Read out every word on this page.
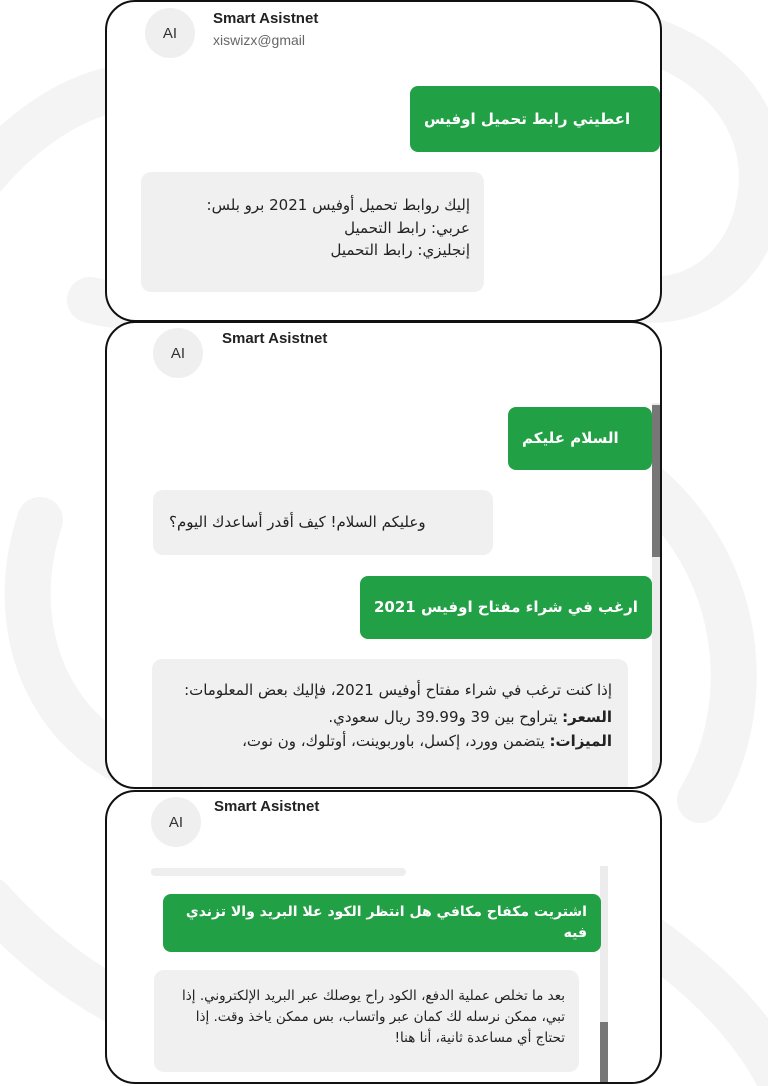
AI
Smart Asistnet
xiswizx@gmail
اعطيني رابط تحميل اوفيس

إليك روابط تحميل أوفيس 2021 برو بلس:

عربي: رابط التحميل

إنجليزي: رابط التحميل

AI
Smart Asistnet
السلام عليكم
وعليكم السلام! كيف أقدر أساعدك اليوم؟
ارغب في شراء مفتاح اوفيس 2021

إذا كنت ترغب في شراء مفتاح أوفيس 2021، فإليك بعض المعلومات:

السعر: يتراوح بين 39 و39.99 ريال سعودي.

الميزات: يتضمن وورد، إكسل، باوربوينت، أوتلوك، ون نوت،

AI
Smart Asistnet
اشتريت مكفاح مكافي هل انتظر الكود علا البريد والا تزندي فيه

بعد ما تخلص عملية الدفع، الكود راح يوصلك عبر البريد الإلكتروني. إذا تبي، ممكن نرسله لك كمان عبر واتساب، بس ممكن ياخذ وقت. إذا تحتاج أي مساعدة ثانية، أنا هنا!
